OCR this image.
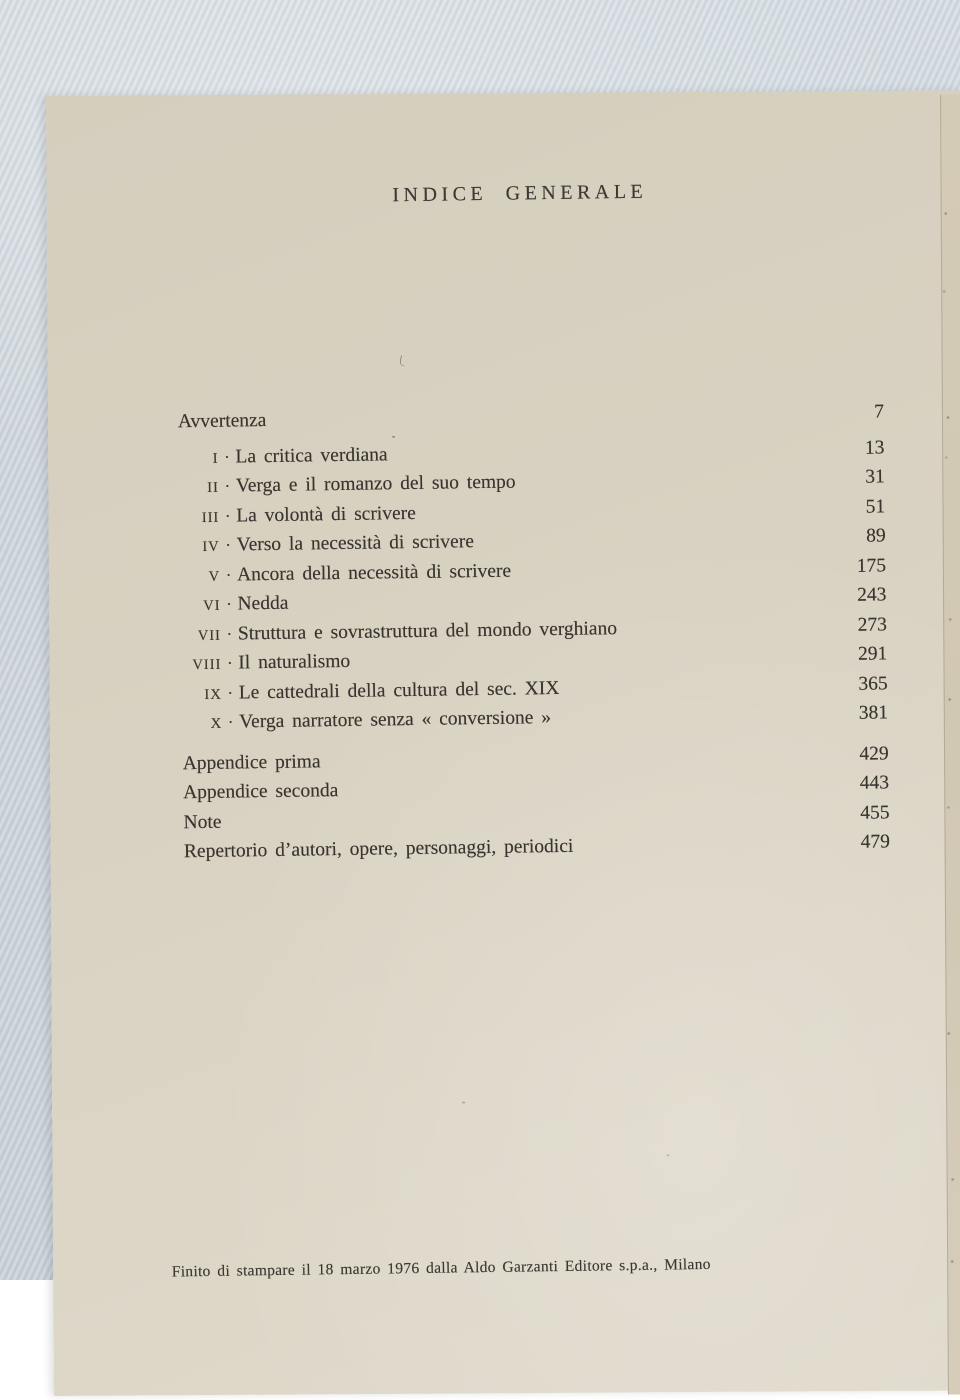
INDICE GENERALE
Avvertenza	7
I · La critica verdiana	13
II · Verga e il romanzo del suo tempo	31
III · La volontà di scrivere	51
IV · Verso la necessità di scrivere	89
V · Ancora della necessità di scrivere	175
VI · Nedda	243
VII · Struttura e sovrastruttura del mondo verghiano	273
VIII · Il naturalismo	291
IX · Le cattedrali della cultura del sec. XIX	365
X · Verga narratore senza « conversione »	381
Appendice prima	429
Appendice seconda	443
Note	455
Repertorio d’autori, opere, personaggi, periodici	479
Finito di stampare il 18 marzo 1976 dalla Aldo Garzanti Editore s.p.a., Milano
